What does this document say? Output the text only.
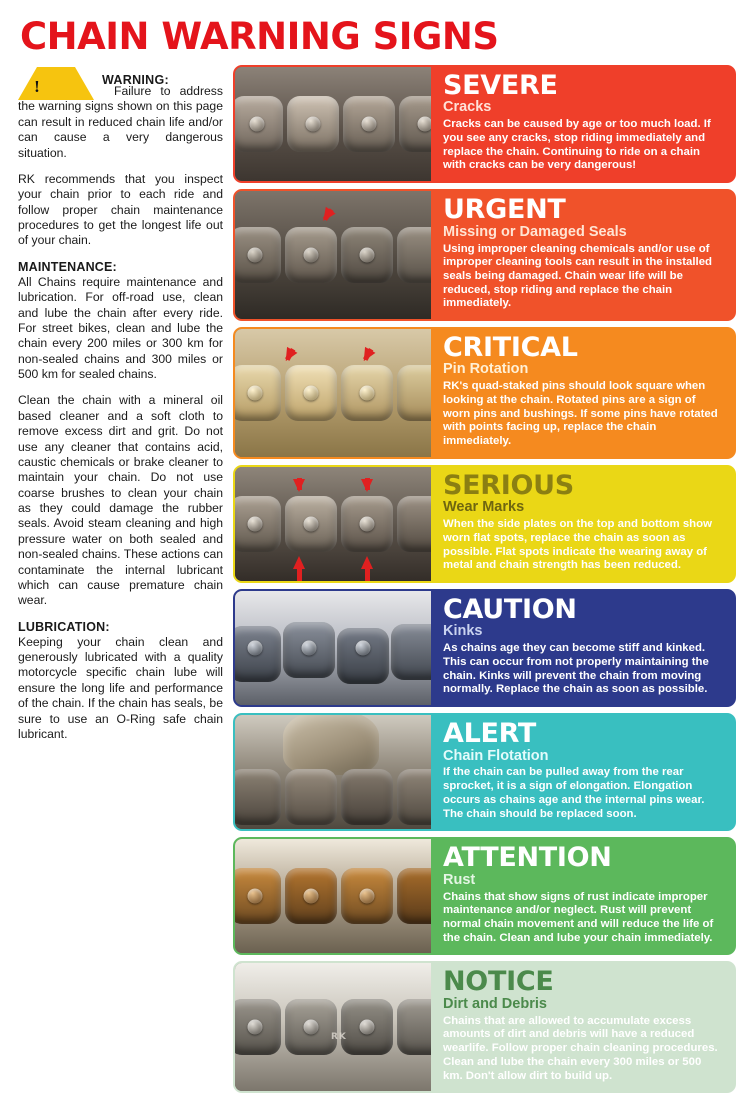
CHAIN WARNING SIGNS
!
WARNING:

Failure to address the warning signs shown on this page can result in reduced chain life and/or can cause a very dangerous situation.

RK recommends that you inspect your chain prior to each ride and follow proper chain maintenance procedures to get the longest life out of your chain.

MAINTENANCE:

All Chains require maintenance and lubrication. For off-road use, clean and lube the chain after every ride. For street bikes, clean and lube the chain every 200 miles or 300 km for non-sealed chains and 300 miles or 500 km for sealed chains.

Clean the chain with a mineral oil based cleaner and a soft cloth to remove excess dirt and grit. Do not use any cleaner that contains acid, caustic chemicals or brake cleaner to maintain your chain. Do not use coarse brushes to clean your chain as they could damage the rubber seals. Avoid steam cleaning and high pressure water on both sealed and non-sealed chains. These actions can contaminate the internal lubricant which can cause premature chain wear.

LUBRICATION:

Keeping your chain clean and generously lubricated with a quality motorcycle specific chain lube will ensure the long life and performance of the chain. If the chain has seals, be sure to use an O-Ring safe chain lubricant.

SEVERE
Cracks
Cracks can be caused by age or too much load. If you see any cracks, stop riding immediately and replace the chain. Continuing to ride on a chain with cracks can be very dangerous!
URGENT
Missing or Damaged Seals
Using improper cleaning chemicals and/or use of improper cleaning tools can result in the installed seals being damaged. Chain wear life will be reduced, stop riding and replace the chain immediately.
CRITICAL
Pin Rotation
RK's quad-staked pins should look square when looking at the chain. Rotated pins are a sign of worn pins and bushings. If some pins have rotated with points facing up, replace the chain immediately.
SERIOUS
Wear Marks
When the side plates on the top and bottom show worn flat spots, replace the chain as soon as possible. Flat spots indicate the wearing away of metal and chain strength has been reduced.
CAUTION
Kinks
As chains age they can become stiff and kinked. This can occur from not properly maintaining the chain. Kinks will prevent the chain from moving normally. Replace the chain as soon as possible.
ALERT
Chain Flotation
If the chain can be pulled away from the rear sprocket, it is a sign of elongation. Elongation occurs as chains age and the internal pins wear. The chain should be replaced soon.
ATTENTION
Rust
Chains that show signs of rust indicate improper maintenance and/or neglect. Rust will prevent normal chain movement and will reduce the life of the chain. Clean and lube your chain immediately.
RK
NOTICE
Dirt and Debris
Chains that are allowed to accumulate excess amounts of dirt and debris will have a reduced wearlife. Follow proper chain cleaning procedures. Clean and lube the chain every 300 miles or 500 km. Don't allow dirt to build up.
